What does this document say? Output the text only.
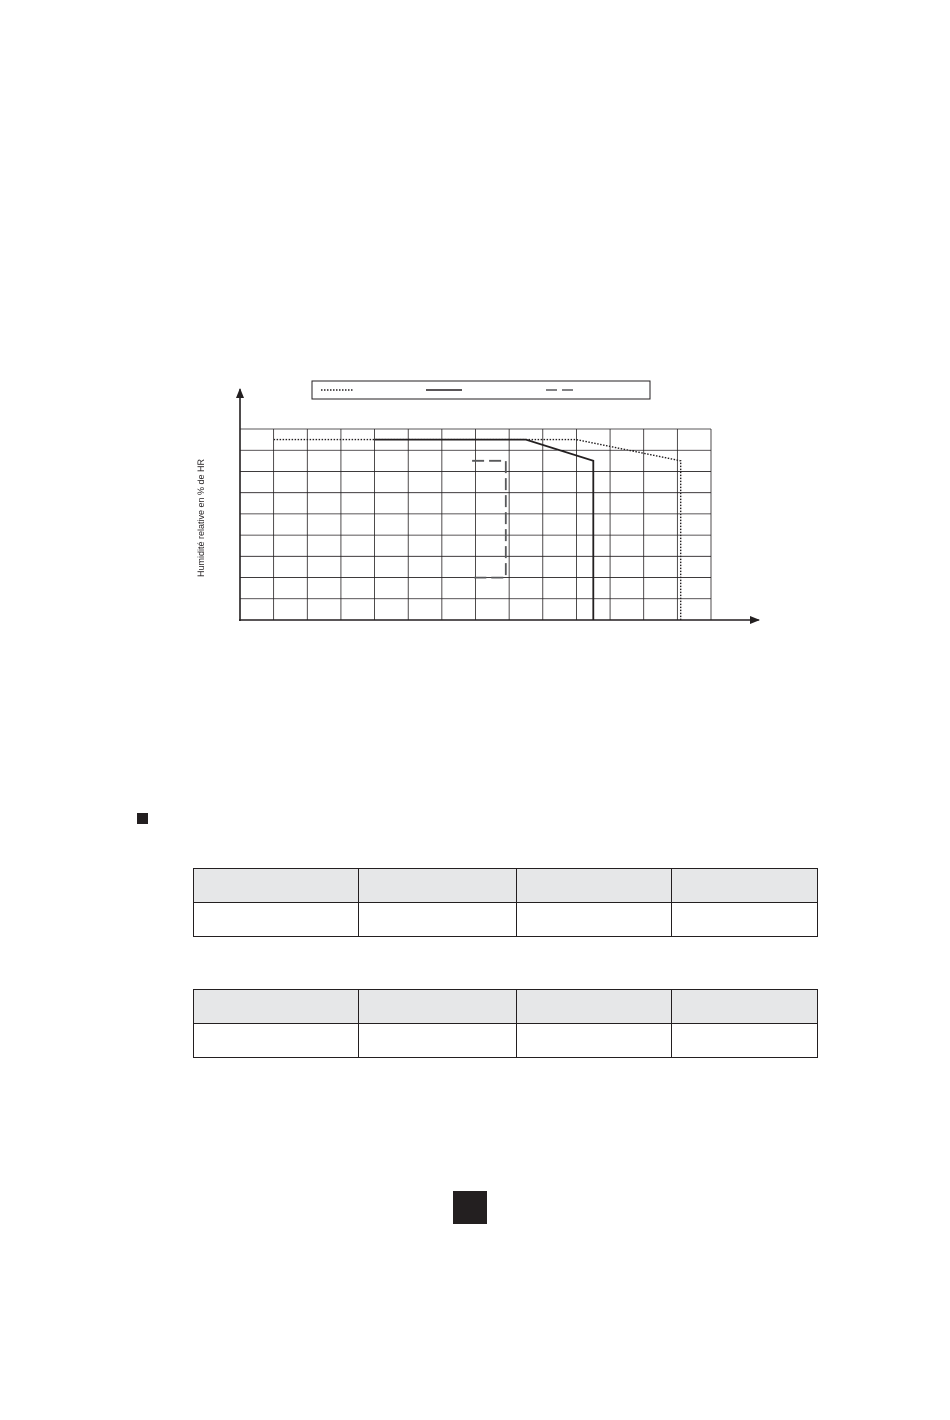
Humidité relative en % de HR
